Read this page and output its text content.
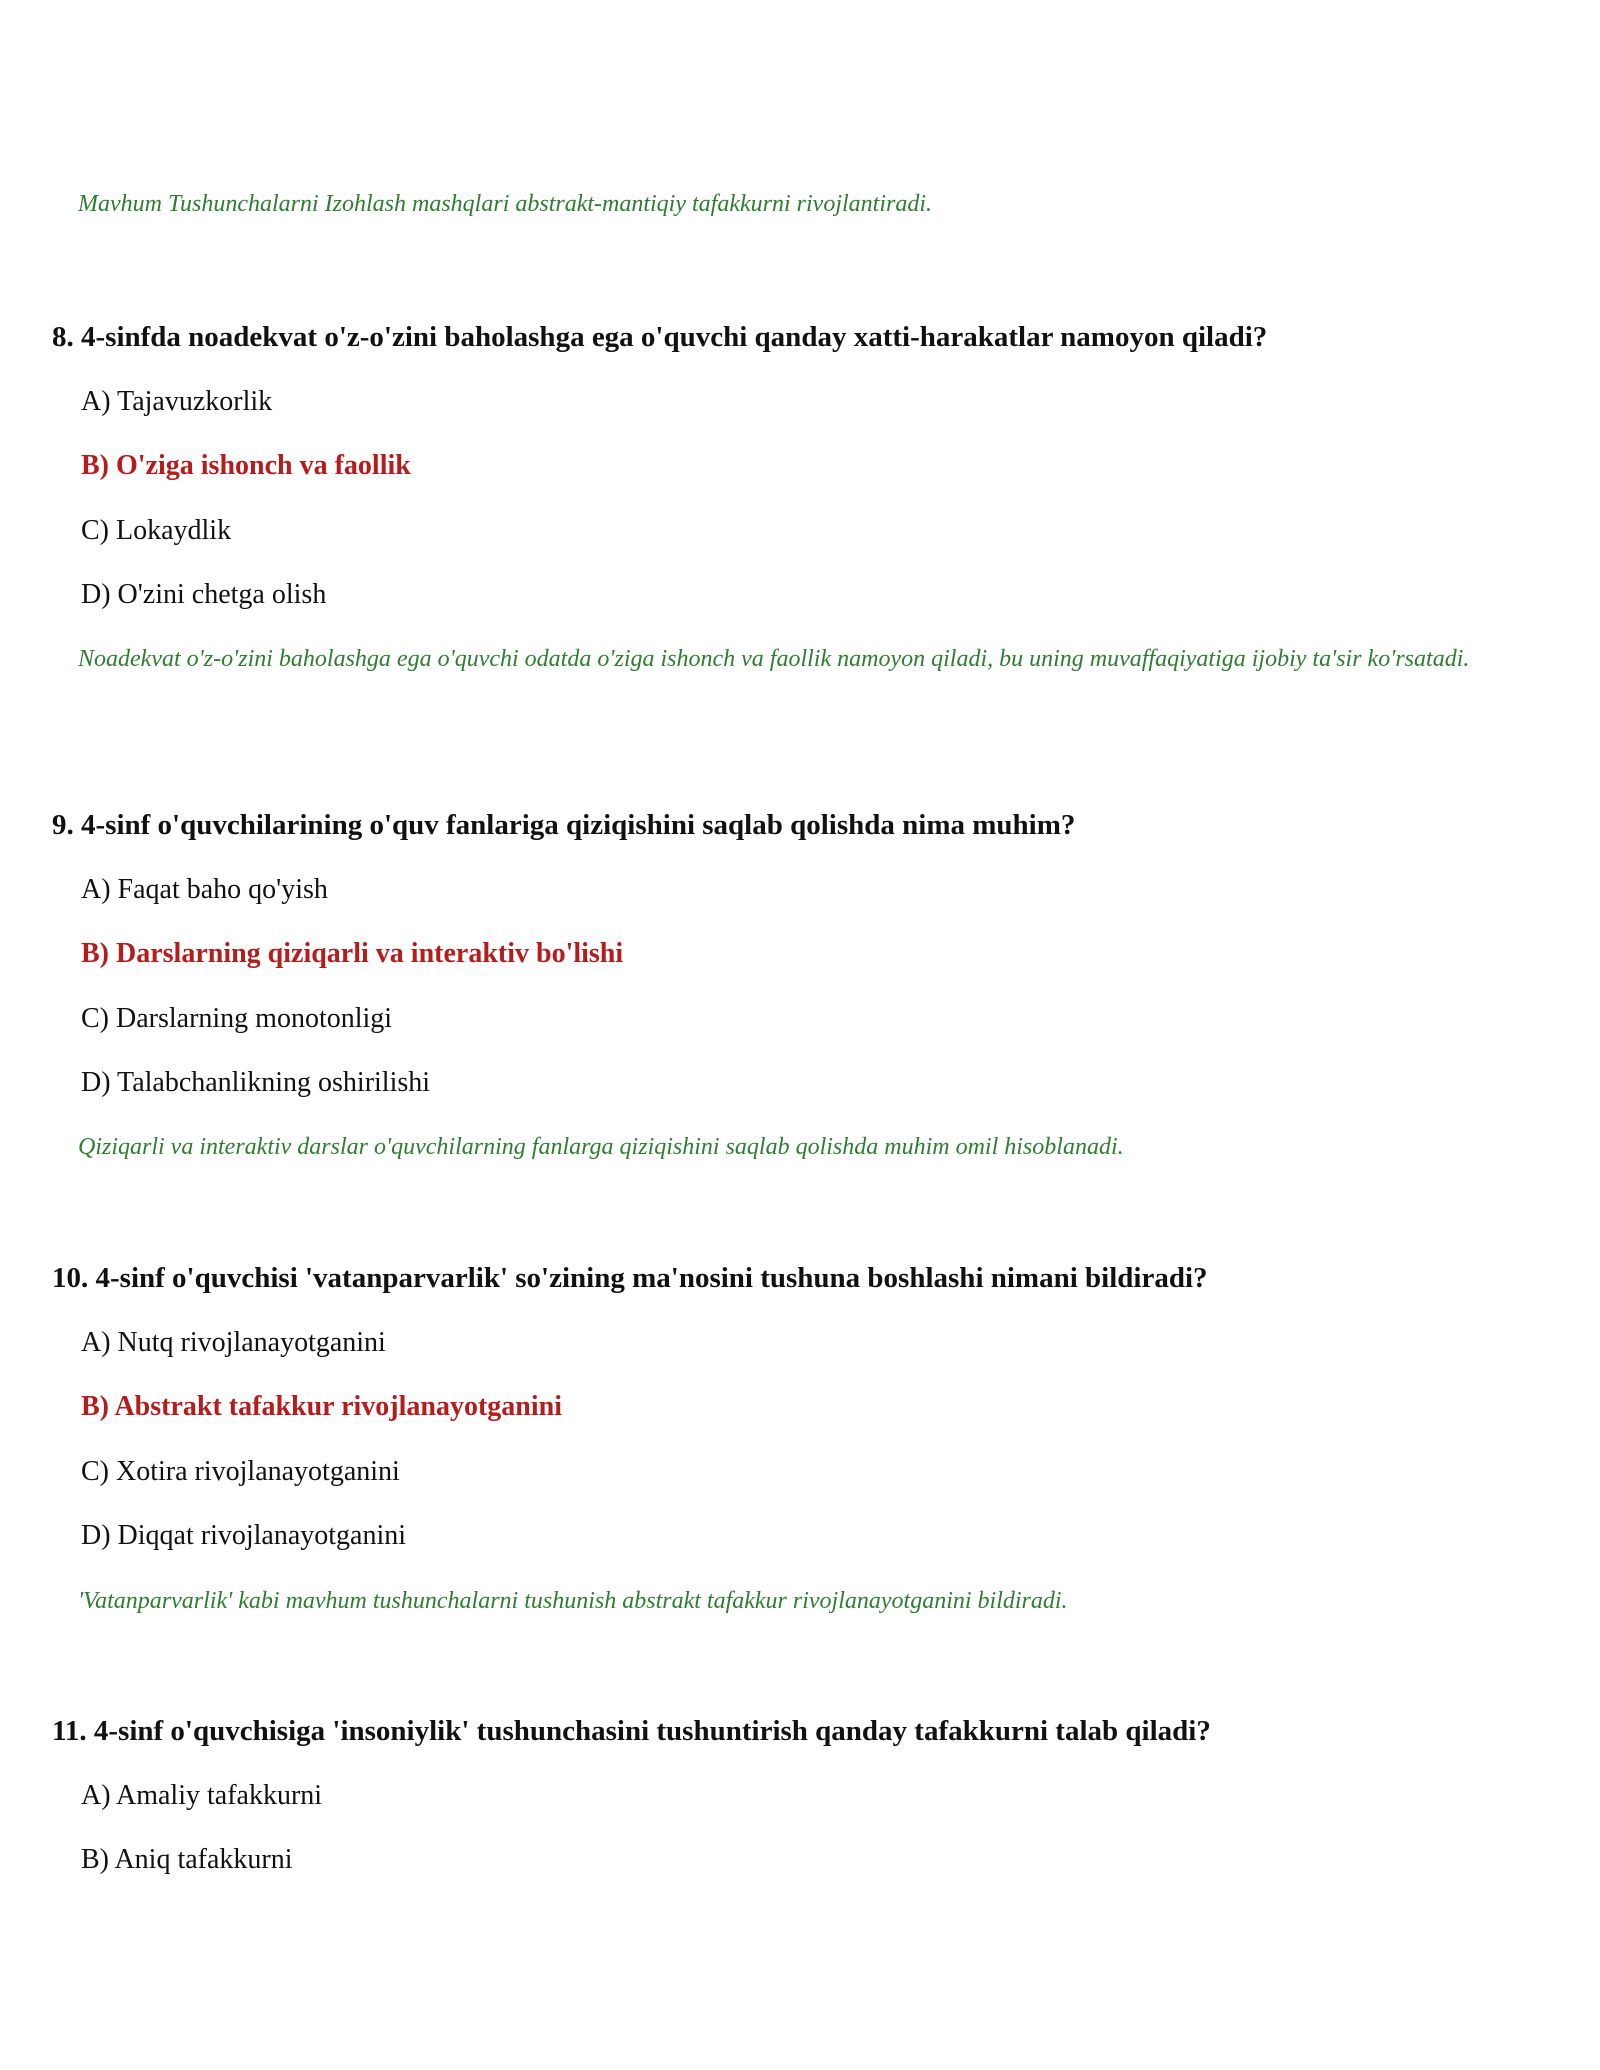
Mavhum Tushunchalarni Izohlash mashqlari abstrakt-mantiqiy tafakkurni rivojlantiradi.

8. 4-sinfda noadekvat o'z-o'zini baholashga ega o'quvchi qanday xatti-harakatlar namoyon qiladi?

A) Tajavuzkorlik

B) O'ziga ishonch va faollik

C) Lokaydlik

D) O'zini chetga olish

Noadekvat o'z-o'zini baholashga ega o'quvchi odatda o'ziga ishonch va faollik namoyon qiladi, bu uning muvaffaqiyatiga ijobiy ta'sir ko'rsatadi.

9. 4-sinf o'quvchilarining o'quv fanlariga qiziqishini saqlab qolishda nima muhim?

A) Faqat baho qo'yish

B) Darslarning qiziqarli va interaktiv bo'lishi

C) Darslarning monotonligi

D) Talabchanlikning oshirilishi

Qiziqarli va interaktiv darslar o'quvchilarning fanlarga qiziqishini saqlab qolishda muhim omil hisoblanadi.

10. 4-sinf o'quvchisi 'vatanparvarlik' so'zining ma'nosini tushuna boshlashi nimani bildiradi?

A) Nutq rivojlanayotganini

B) Abstrakt tafakkur rivojlanayotganini

C) Xotira rivojlanayotganini

D) Diqqat rivojlanayotganini

'Vatanparvarlik' kabi mavhum tushunchalarni tushunish abstrakt tafakkur rivojlanayotganini bildiradi.

11. 4-sinf o'quvchisiga 'insoniylik' tushunchasini tushuntirish qanday tafakkurni talab qiladi?

A) Amaliy tafakkurni

B) Aniq tafakkurni
